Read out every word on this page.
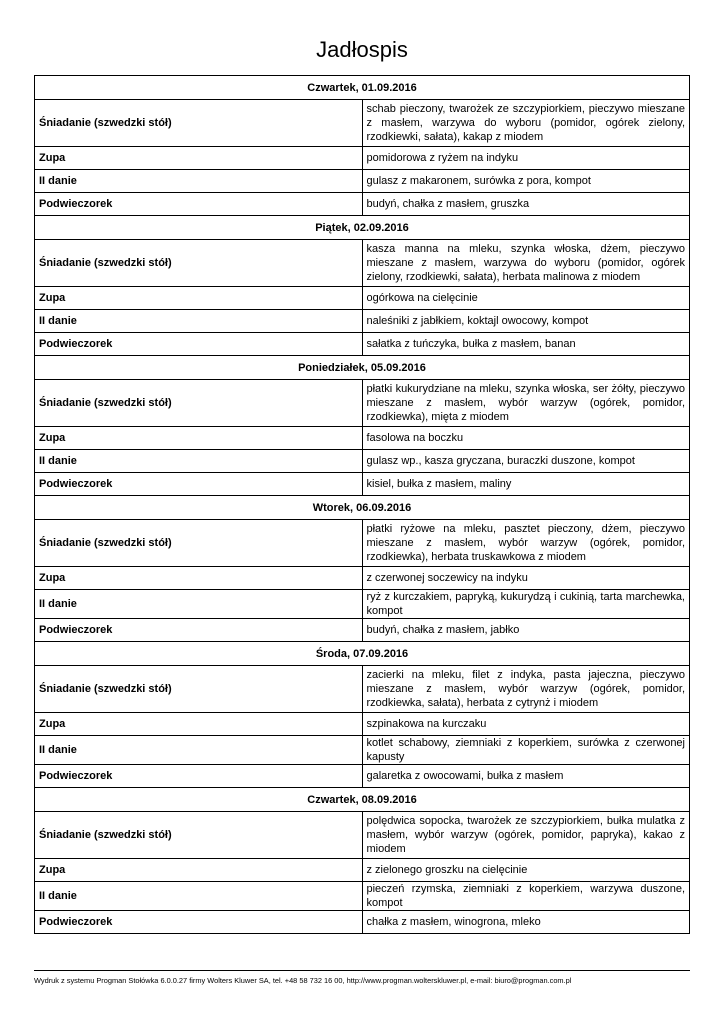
Jadłospis
Czwartek, 01.09.2016	
Śniadanie (szwedzki stół)	schab pieczony, twarożek ze szczypiorkiem, pieczywo mieszane z masłem, warzywa do wyboru (pomidor, ogórek zielony, rzodkiewki, sałata), kakap z miodem
Zupa	pomidorowa z ryżem na indyku
II danie	gulasz z makaronem, surówka z pora, kompot
Podwieczorek	budyń, chałka z masłem, gruszka
Piątek, 02.09.2016	
Śniadanie (szwedzki stół)	kasza manna na mleku, szynka włoska, dżem, pieczywo mieszane z masłem, warzywa do wyboru (pomidor, ogórek zielony, rzodkiewki, sałata), herbata malinowa z miodem
Zupa	ogórkowa na cielęcinie
II danie	naleśniki z jabłkiem, koktajl owocowy, kompot
Podwieczorek	sałatka z tuńczyka, bułka z masłem, banan
Poniedziałek, 05.09.2016	
Śniadanie (szwedzki stół)	płatki kukurydziane na mleku, szynka włoska, ser żółty, pieczywo mieszane z masłem, wybór warzyw (ogórek, pomidor, rzodkiewka), mięta z miodem
Zupa	fasolowa na boczku
II danie	gulasz wp., kasza gryczana, buraczki duszone, kompot
Podwieczorek	kisiel, bułka z masłem, maliny
Wtorek, 06.09.2016	
Śniadanie (szwedzki stół)	płatki ryżowe na mleku, pasztet pieczony, dżem, pieczywo mieszane z masłem, wybór warzyw (ogórek, pomidor, rzodkiewka), herbata truskawkowa z miodem
Zupa	z czerwonej soczewicy na indyku
II danie	ryż z kurczakiem, papryką, kukurydzą i cukinią, tarta marchewka, kompot
Podwieczorek	budyń, chałka z masłem, jabłko
Środa, 07.09.2016	
Śniadanie (szwedzki stół)	zacierki na mleku, filet z indyka, pasta jajeczna, pieczywo mieszane z masłem, wybór warzyw (ogórek, pomidor, rzodkiewka, sałata), herbata z cytrynż i miodem
Zupa	szpinakowa na kurczaku
II danie	kotlet schabowy, ziemniaki z koperkiem, surówka z czerwonej kapusty
Podwieczorek	galaretka z owocowami, bułka z masłem
Czwartek, 08.09.2016	
Śniadanie (szwedzki stół)	polędwica sopocka, twarożek ze szczypiorkiem, bułka mulatka z masłem, wybór warzyw (ogórek, pomidor, papryka), kakao z miodem
Zupa	z zielonego groszku na cielęcinie
II danie	pieczeń rzymska, ziemniaki z koperkiem, warzywa duszone, kompot
Podwieczorek	chałka z masłem, winogrona, mleko
Wydruk z systemu Progman Stołówka 6.0.0.27 firmy Wolters Kluwer SA, tel. +48 58 732 16 00, http://www.progman.wolterskluwer.pl, e-mail: biuro@progman.com.pl
